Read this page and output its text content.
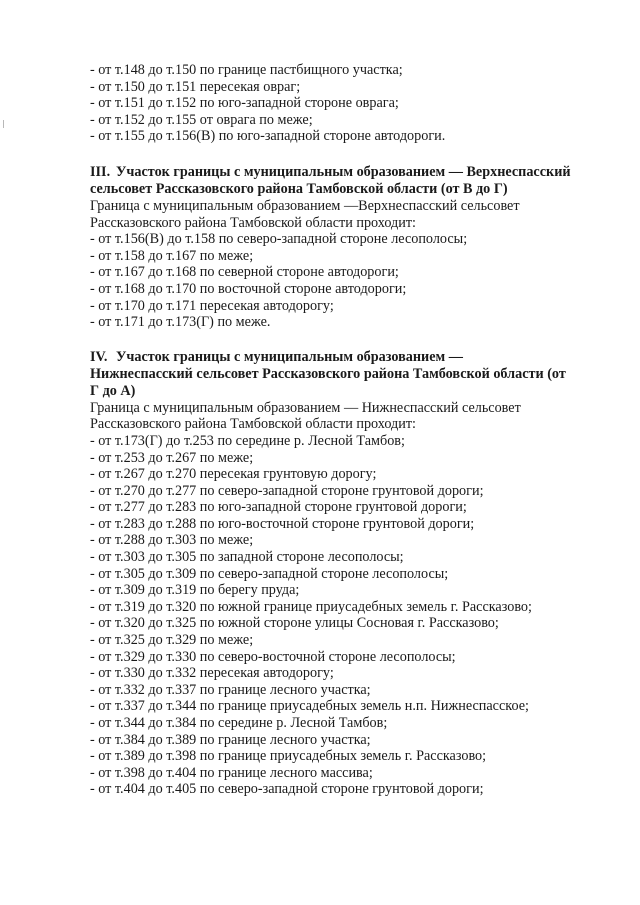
- от т.148 до т.150 по границе пастбищного участка;
- от т.150 до т.151 пересекая овраг;
- от т.151 до т.152 по юго-западной стороне оврага;
- от т.152 до т.155 от оврага по меже;
- от т.155 до т.156(В) по юго-западной стороне автодороги.
III. Участок границы с муниципальным образованием — Верхнеспасский
сельсовет Рассказовского района Тамбовской области (от В до Г)
Граница с муниципальным образованием —Верхнеспасский сельсовет
Рассказовского района Тамбовской области проходит:
- от т.156(В) до т.158 по северо-западной стороне лесополосы;
- от т.158 до т.167 по меже;
- от т.167 до т.168 по северной стороне автодороги;
- от т.168 до т.170 по восточной стороне автодороги;
- от т.170 до т.171 пересекая автодорогу;
- от т.171 до т.173(Г) по меже.
IV. Участок границы с муниципальным образованием —
Нижнеспасский сельсовет Рассказовского района Тамбовской области (от
Г до А)
Граница с муниципальным образованием — Нижнеспасский сельсовет
Рассказовского района Тамбовской области проходит:
- от т.173(Г) до т.253 по середине р. Лесной Тамбов;
- от т.253 до т.267 по меже;
- от т.267 до т.270 пересекая грунтовую дорогу;
- от т.270 до т.277 по северо-западной стороне грунтовой дороги;
- от т.277 до т.283 по юго-западной стороне грунтовой дороги;
- от т.283 до т.288 по юго-восточной стороне грунтовой дороги;
- от т.288 до т.303 по меже;
- от т.303 до т.305 по западной стороне лесополосы;
- от т.305 до т.309 по северо-западной стороне лесополосы;
- от т.309 до т.319 по берегу пруда;
- от т.319 до т.320 по южной границе приусадебных земель г. Рассказово;
- от т.320 до т.325 по южной стороне улицы Сосновая г. Рассказово;
- от т.325 до т.329 по меже;
- от т.329 до т.330 по северо-восточной стороне лесополосы;
- от т.330 до т.332 пересекая автодорогу;
- от т.332 до т.337 по границе лесного участка;
- от т.337 до т.344 по границе приусадебных земель н.п. Нижнеспасское;
- от т.344 до т.384 по середине р. Лесной Тамбов;
- от т.384 до т.389 по границе лесного участка;
- от т.389 до т.398 по границе приусадебных земель г. Рассказово;
- от т.398 до т.404 по границе лесного массива;
- от т.404 до т.405 по северо-западной стороне грунтовой дороги;
